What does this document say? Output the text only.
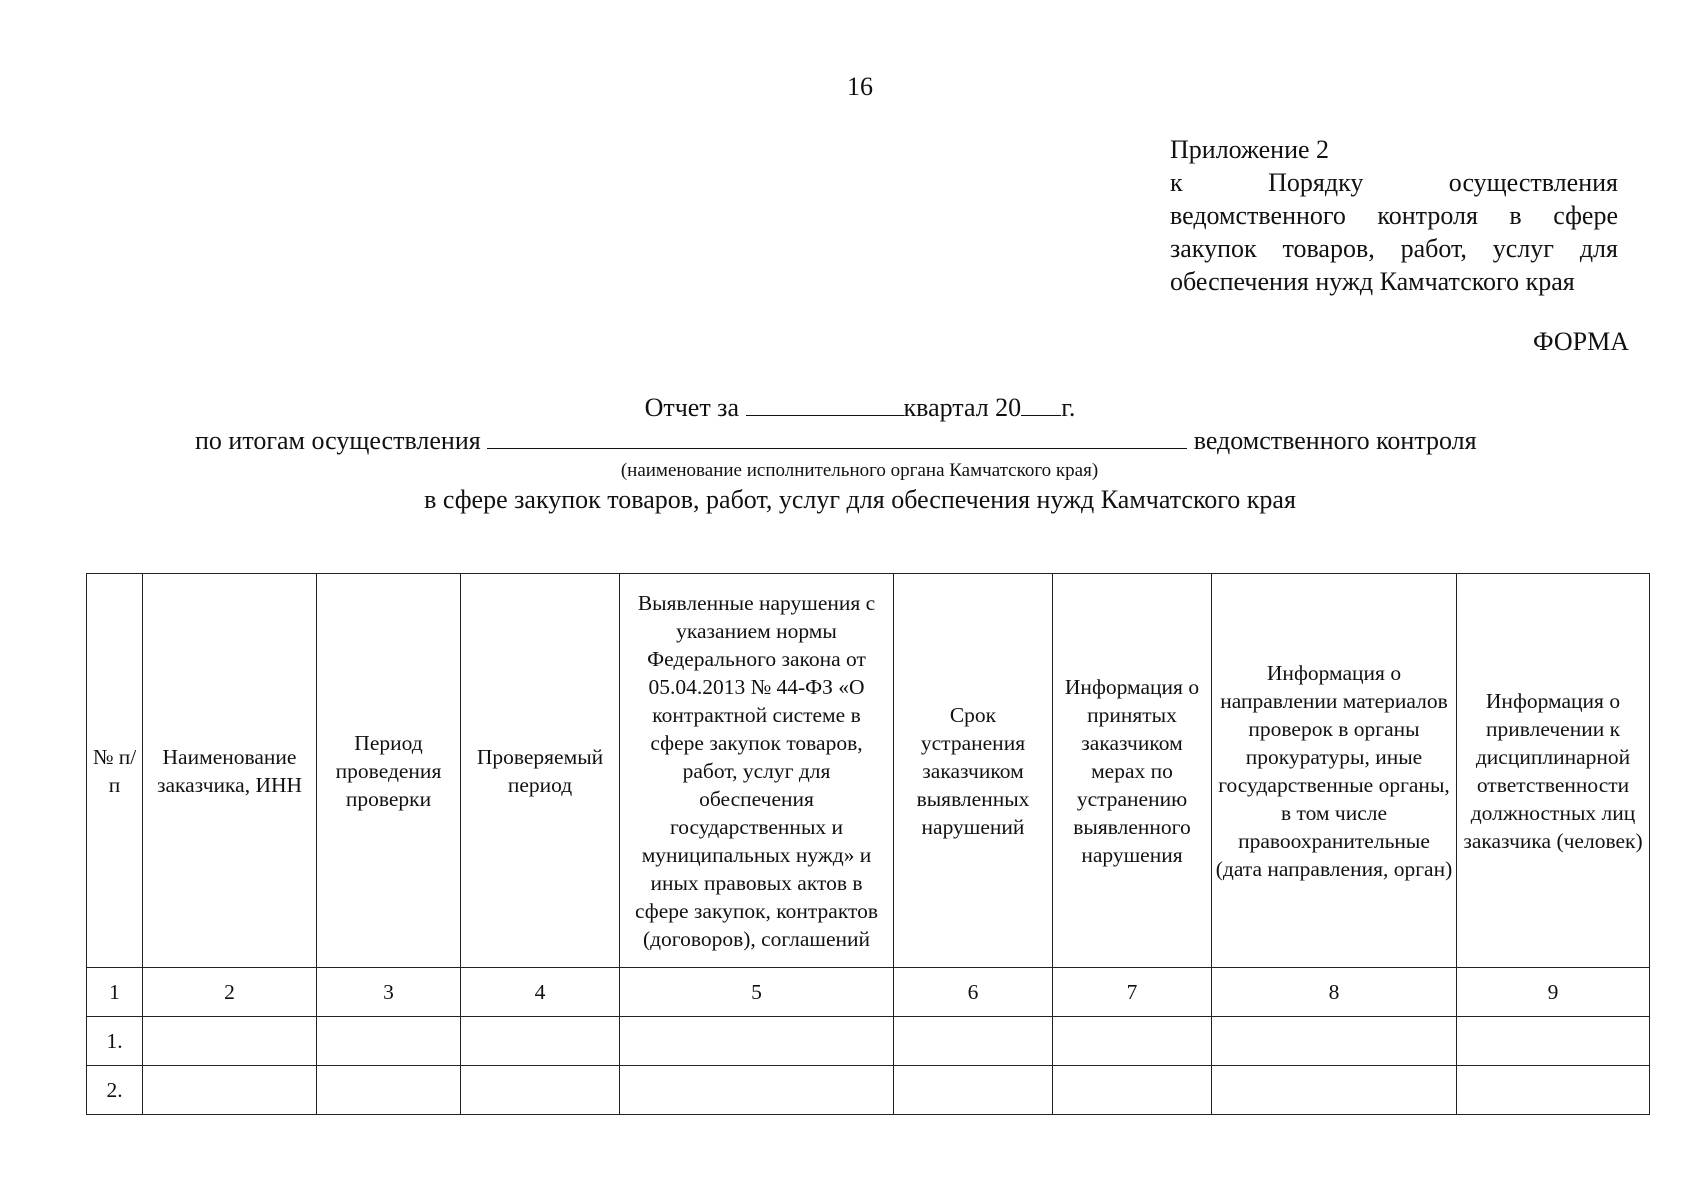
16
Приложение 2
к Порядку осуществления
ведомственного контроля в сфере
закупок товаров, работ, услуг для
обеспечения нужд Камчатского края
ФОРМА
Отчет за	квартал 20 г.
по итогам осуществления	ведомственного контроля
(наименование исполнительного органа Камчатского края)
в сфере закупок товаров, работ, услуг для обеспечения нужд Камчатского края
№ п/п	Наименование заказчика, ИНН	Период проведения проверки	Проверяемый период	Выявленные нарушения с указанием нормы Федерального закона от 05.04.2013 № 44-ФЗ «О контрактной системе в сфере закупок товаров, работ, услуг для обеспечения государственных и муниципальных нужд» и иных правовых актов в сфере закупок, контрактов (договоров), соглашений	Срок устранения заказчиком выявленных нарушений	Информация о принятых заказчиком мерах по устранению выявленного нарушения	Информация о направлении материалов проверок в органы прокуратуры, иные государственные органы, в том числе правоохранительные (дата направления, орган)	Информация о привлечении к дисциплинарной ответственности должностных лиц заказчика (человек)
1	2	3	4	5	6	7	8	9
1.								
2.								
